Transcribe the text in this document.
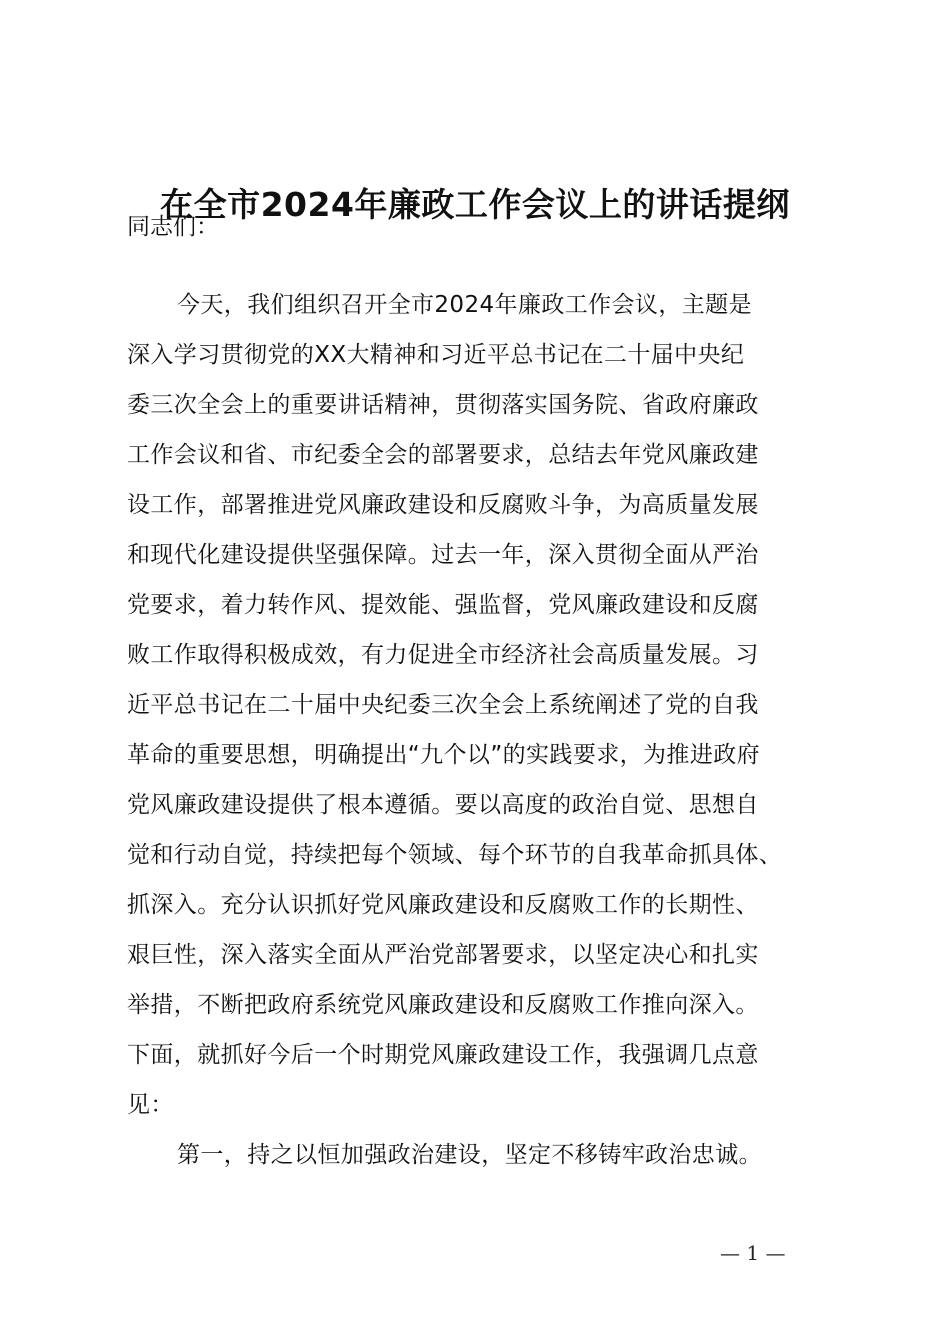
在全市2024年廉政工作会议上的讲话提纲
同志们：
今天，我们组织召开全市2024年廉政工作会议，主题是
深入学习贯彻党的XX大精神和习近平总书记在二十届中央纪
委三次全会上的重要讲话精神，贯彻落实国务院、省政府廉政
工作会议和省、市纪委全会的部署要求，总结去年党风廉政建
设工作，部署推进党风廉政建设和反腐败斗争，为高质量发展
和现代化建设提供坚强保障。过去一年，深入贯彻全面从严治
党要求，着力转作风、提效能、强监督，党风廉政建设和反腐
败工作取得积极成效，有力促进全市经济社会高质量发展。习
近平总书记在二十届中央纪委三次全会上系统阐述了党的自我
革命的重要思想，明确提出“九个以”的实践要求，为推进政府
党风廉政建设提供了根本遵循。要以高度的政治自觉、思想自
觉和行动自觉，持续把每个领域、每个环节的自我革命抓具体、
抓深入。充分认识抓好党风廉政建设和反腐败工作的长期性、
艰巨性，深入落实全面从严治党部署要求，以坚定决心和扎实
举措，不断把政府系统党风廉政建设和反腐败工作推向深入。
下面，就抓好今后一个时期党风廉政建设工作，我强调几点意
见：
第一，持之以恒加强政治建设，坚定不移铸牢政治忠诚。
— 1 —
